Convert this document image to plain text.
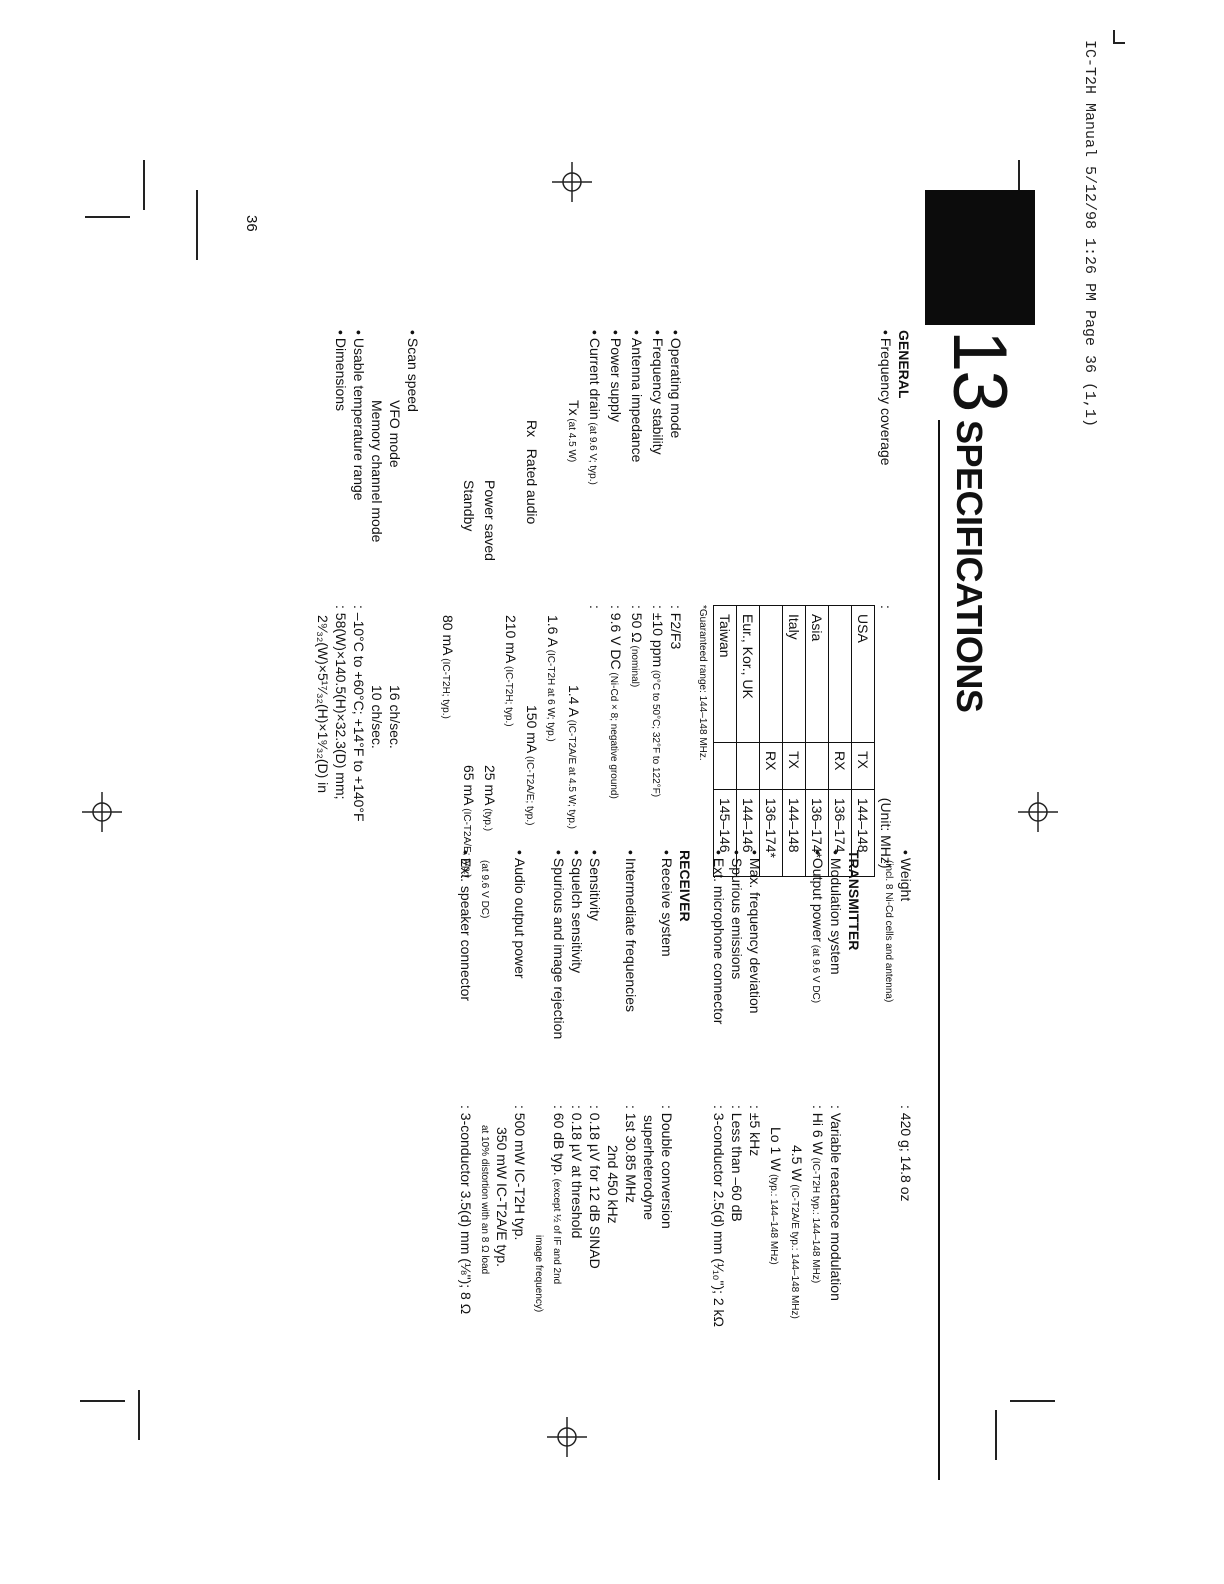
IC-T2H Manual 5/12/98 1:26 PM Page 36 (1,1)
13
SPECIFICATIONS
GENERAL
• Frequency coverage
: (Unit: MHz)
USA	TX	144–148
	RX	136–174
Asia		136–174*
Italy	TX	144–148
	RX	136–174*
Eur., Kor., UK		144–146
Taiwan		145–146
*Guaranteed range: 144–148 MHz.
• Operating mode
: F2/F3
• Frequency stability
: ±10 ppm (0°C to 50°C; 32°F to 122°F)
• Antenna impedance
: 50 Ω (nominal)
• Power supply
: 9.6 V DC (Ni-Cd × 8; negative ground)
• Current drain (at 9.6 V; typ.)
:
Tx (at 4.5 W)
1.4 A (IC-T2A/E at 4.5 W; typ.)
1.6 A (IC-T2H at 6 W; typ.)
Rx   Rated audio
150 mA (IC-T2A/E; typ.)
210 mA (IC-T2H; typ.)
Power saved
25 mA (typ.)
Standby
65 mA (IC-T2A/E; typ.)
80 mA (IC-T2H; typ.)
• Scan speed
VFO mode
16 ch/sec.
Memory channel mode
10 ch/sec.
• Usable temperature range
: –10°C to +60°C; +14°F to +140°F
• Dimensions
: 58(W)×140.5(H)×32.3(D) mm;
2⁹⁄₃₂(W)×5¹⁷⁄₃₂(H)×1⁹⁄₃₂(D) in
• Weight
: 420 g; 14.8 oz
(incl. 8 Ni-Cd cells and antenna)
TRANSMITTER
• Modulation system
: Variable reactance modulation
• Output power (at 9.6 V DC)
: Hi 6 W (IC-T2H typ.: 144–148 MHz)
4.5 W (IC-T2A/E typ.: 144–148 MHz)
Lo 1 W (typ.: 144–148 MHz)
• Max. frequency deviation
: ±5 kHz
• Spurious emissions
: Less than –60 dB
• Ext. microphone connector
: 3-conductor 2.5(d) mm (¹⁄₁₀"); 2 kΩ
RECEIVER
• Receive system
: Double conversion
superheterodyne
• Intermediate frequencies
: 1st 30.85 MHz
2nd 450 kHz
• Sensitivity
: 0.18 µV for 12 dB SINAD
• Squelch sensitivity
: 0.18 µV at threshold
• Spurious and image rejection
: 60 dB typ. (except ½ of IF and 2nd
image frequency)
• Audio output power
: 500 mW IC-T2H typ.
350 mW IC-T2A/E typ.
(at 9.6 V DC)
at 10% distortion with an 8 Ω load
• Ext. speaker connector
: 3-conductor 3.5(d) mm (⅛"); 8 Ω
36
